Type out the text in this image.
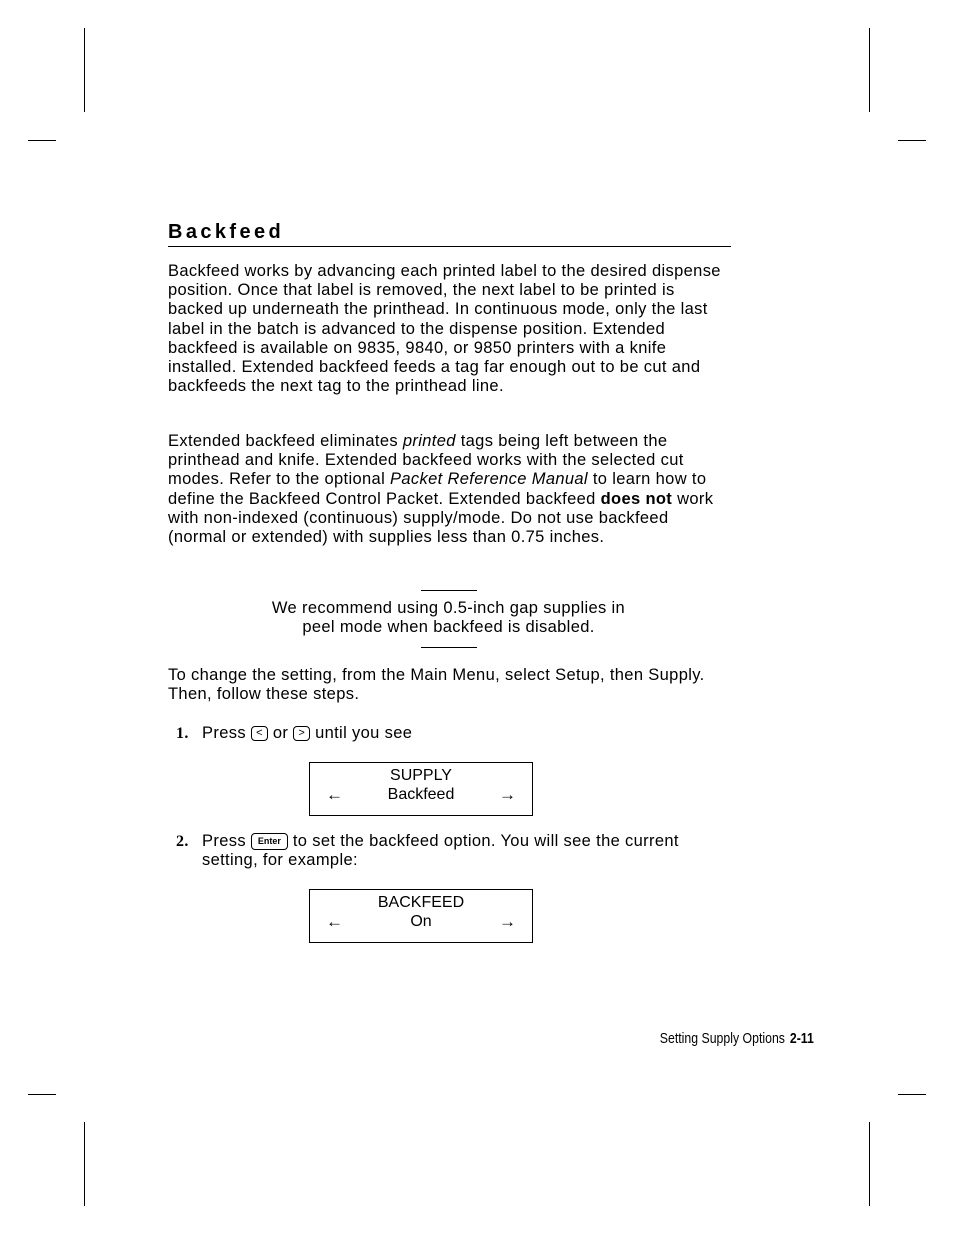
Backfeed

Backfeed works by advancing each printed label to the desired dispense position. Once that label is removed, the next label to be printed is backed up underneath the printhead. In continuous mode, only the last label in the batch is advanced to the dispense position. Extended backfeed is available on 9835, 9840, or 9850 printers with a knife installed. Extended backfeed feeds a tag far enough out to be cut and backfeeds the next tag to the printhead line.

Extended backfeed eliminates printed tags being left between the printhead and knife. Extended backfeed works with the selected cut modes. Refer to the optional Packet Reference Manual to learn how to define the Backfeed Control Packet. Extended backfeed does not work with non-indexed (continuous) supply/mode. Do not use backfeed (normal or extended) with supplies less than 0.75 inches.

We recommend using 0.5-inch gap supplies in
peel mode when backfeed is disabled.

To change the setting, from the Main Menu, select Setup, then Supply. Then, follow these steps.

1. Press < or > until you see
SUPPLY
Backfeed
←	→
2. Press Enter to set the backfeed option. You will see the current setting, for example:
BACKFEED
On
←	→
Setting Supply Options 2-11
